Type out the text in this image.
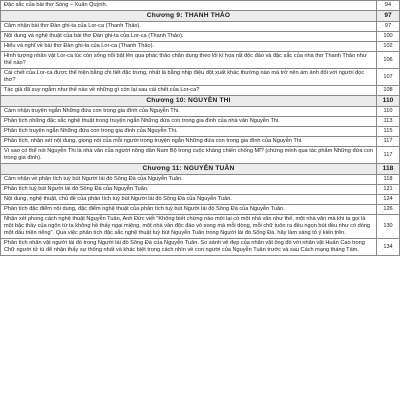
Đặc sắc của bài thơ Sóng – Xuân Quỳnh.	94
Chương 9: THANH THẢO	97
Cảm nhận bài thơ Đàn ghi-ta của Lor-ca (Thanh Thảo).	97
Nội dung và nghệ thuật của bài thơ Đàn ghi-ta của Lor-ca (Thanh Thảo).	100
Hiểu và nghĩ về bài thơ Đàn ghi-ta của Lor-ca (Thanh Thảo).	102
Hình tượng nhân vật Lor-ca lúc còn sống nổi bật lên qua phác thảo chân dung theo lối kí họa rất độc đáo và đặc sắc của nhà thơ Thanh Thảo như thế nào?	106
Cái chết của Lor-ca được thể hiện bằng chi tiết đặc trưng, nhất là bằng nhịp điệu đột xuất khác thường nào mà trở nên ám ảnh đối với người đọc thơ?	107
Tác giả đã suy ngẫm như thế nào về những gì còn lại sau cái chết của Lor-ca?	108
Chương 10: NGUYỄN THI	110
Cảm nhận truyện ngắn Những đứa con trong gia đình của Nguyễn Thi.	110
Phân tích những đặc sắc nghệ thuật trong truyện ngắn Những đứa con trong gia đình của nhà văn Nguyễn Thi.	113
Phân tích truyện ngắn Những đứa con trong gia đình của Nguyễn Thi.	115
Phân tích, nhận xét nội dung, giọng nói của mỗi người trong truyện ngắn Những đứa con trong gia đình của Nguyễn Thi.	117
Vì sao có thể nói Nguyễn Thi là nhà văn của người nông dân Nam Bộ trong cuộc kháng chiến chống Mĩ? (chứng minh qua tác phẩm Những đứa con trong gia đình).	117
Chương 11: NGUYỄN TUÂN	118
Cảm nhận về phân tích tuỳ bút Người lái đò Sông Đà của Nguyễn Tuân.	118
Phân tích tuỳ bút Người lái đò Sông Đà của Nguyễn Tuân.	121
Nội dung, nghệ thuật, chủ đề của phân tích tuỳ bút Người lái đò Sông Đà của Nguyễn Tuân.	124
Phân tích đặc điểm nội dung, đặc điểm nghệ thuật của phân tích tuỳ bút Người lái đò Sông Đà của Nguyễn Tuân.	126
Nhận xét phong cách nghệ thuật Nguyễn Tuân, Anh Đức viết "Không biết chừng nào mới lại có một nhà văn như thế, một nhà văn mà khi ta gọi là một bậc thầy của ngôn từ ta không hề thấy ngại miệng, một nhà văn độc đáo vô song mà mỗi dòng, mỗi chữ tuôn ra đều ngọn bút đều như có dòng một dấu triện riêng". Qua việc phân tích đặc sắc nghệ thuật tuỳ bút Nguyễn Tuân trong Người lái đò Sông Đà, hãy làm sáng tỏ ý kiến trên.	130
Phân tích nhân vật người lái đò trong Người lái đò Sông Đà của Nguyễn Tuân. So sánh vẻ đẹp của nhân vật ông đò với nhân vật Huấn Cao trong Chữ người tử tù để nhận thấy sự thống nhất và khác biệt trong cách nhìn về con người của Nguyễn Tuân trước và sau Cách mạng tháng Tám.	134
